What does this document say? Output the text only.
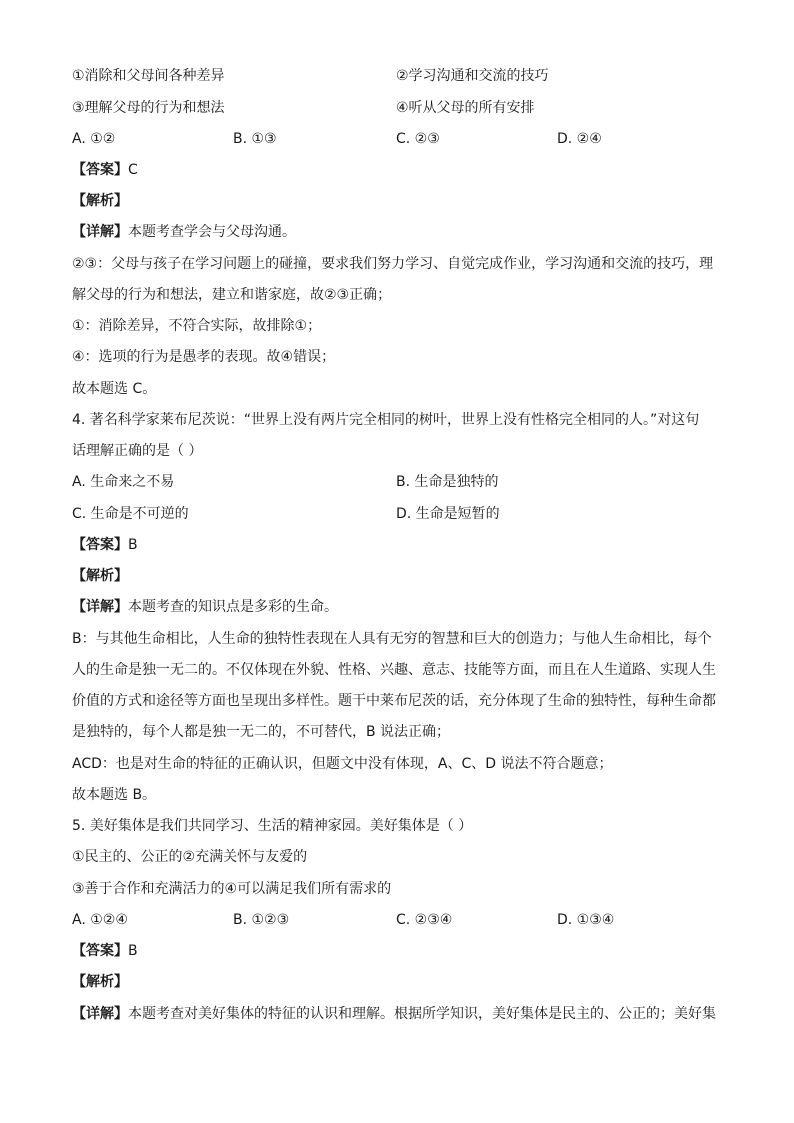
①消除和父母间各种差异	②学习沟通和交流的技巧
③理解父母的行为和想法	④听从父母的所有安排
A. ①②	B. ①③	C. ②③	D. ②④
【答案】C
【解析】
【详解】本题考查学会与父母沟通。
②③：父母与孩子在学习问题上的碰撞，要求我们努力学习、自觉完成作业，学习沟通和交流的技巧，理
解父母的行为和想法，建立和谐家庭，故②③正确；
①：消除差异，不符合实际，故排除①；
④：选项的行为是愚孝的表现。故④错误；
故本题选 C。
4. 著名科学家莱布尼茨说：“世界上没有两片完全相同的树叶，世界上没有性格完全相同的人。”对这句
话理解正确的是（ ）
A. 生命来之不易	B. 生命是独特的
C. 生命是不可逆的	D. 生命是短暂的
【答案】B
【解析】
【详解】本题考查的知识点是多彩的生命。
B：与其他生命相比，人生命的独特性表现在人具有无穷的智慧和巨大的创造力；与他人生命相比，每个
人的生命是独一无二的。不仅体现在外貌、性格、兴趣、意志、技能等方面，而且在人生道路、实现人生
价值的方式和途径等方面也呈现出多样性。题干中莱布尼茨的话，充分体现了生命的独特性，每种生命都
是独特的，每个人都是独一无二的，不可替代，B 说法正确；
ACD：也是对生命的特征的正确认识，但题文中没有体现，A、C、D 说法不符合题意；
故本题选 B。
5. 美好集体是我们共同学习、生活的精神家园。美好集体是（ ）
①民主的、公正的②充满关怀与友爱的
③善于合作和充满活力的④可以满足我们所有需求的
A. ①②④	B. ①②③	C. ②③④	D. ①③④
【答案】B
【解析】
【详解】本题考查对美好集体的特征的认识和理解。根据所学知识，美好集体是民主的、公正的；美好集
